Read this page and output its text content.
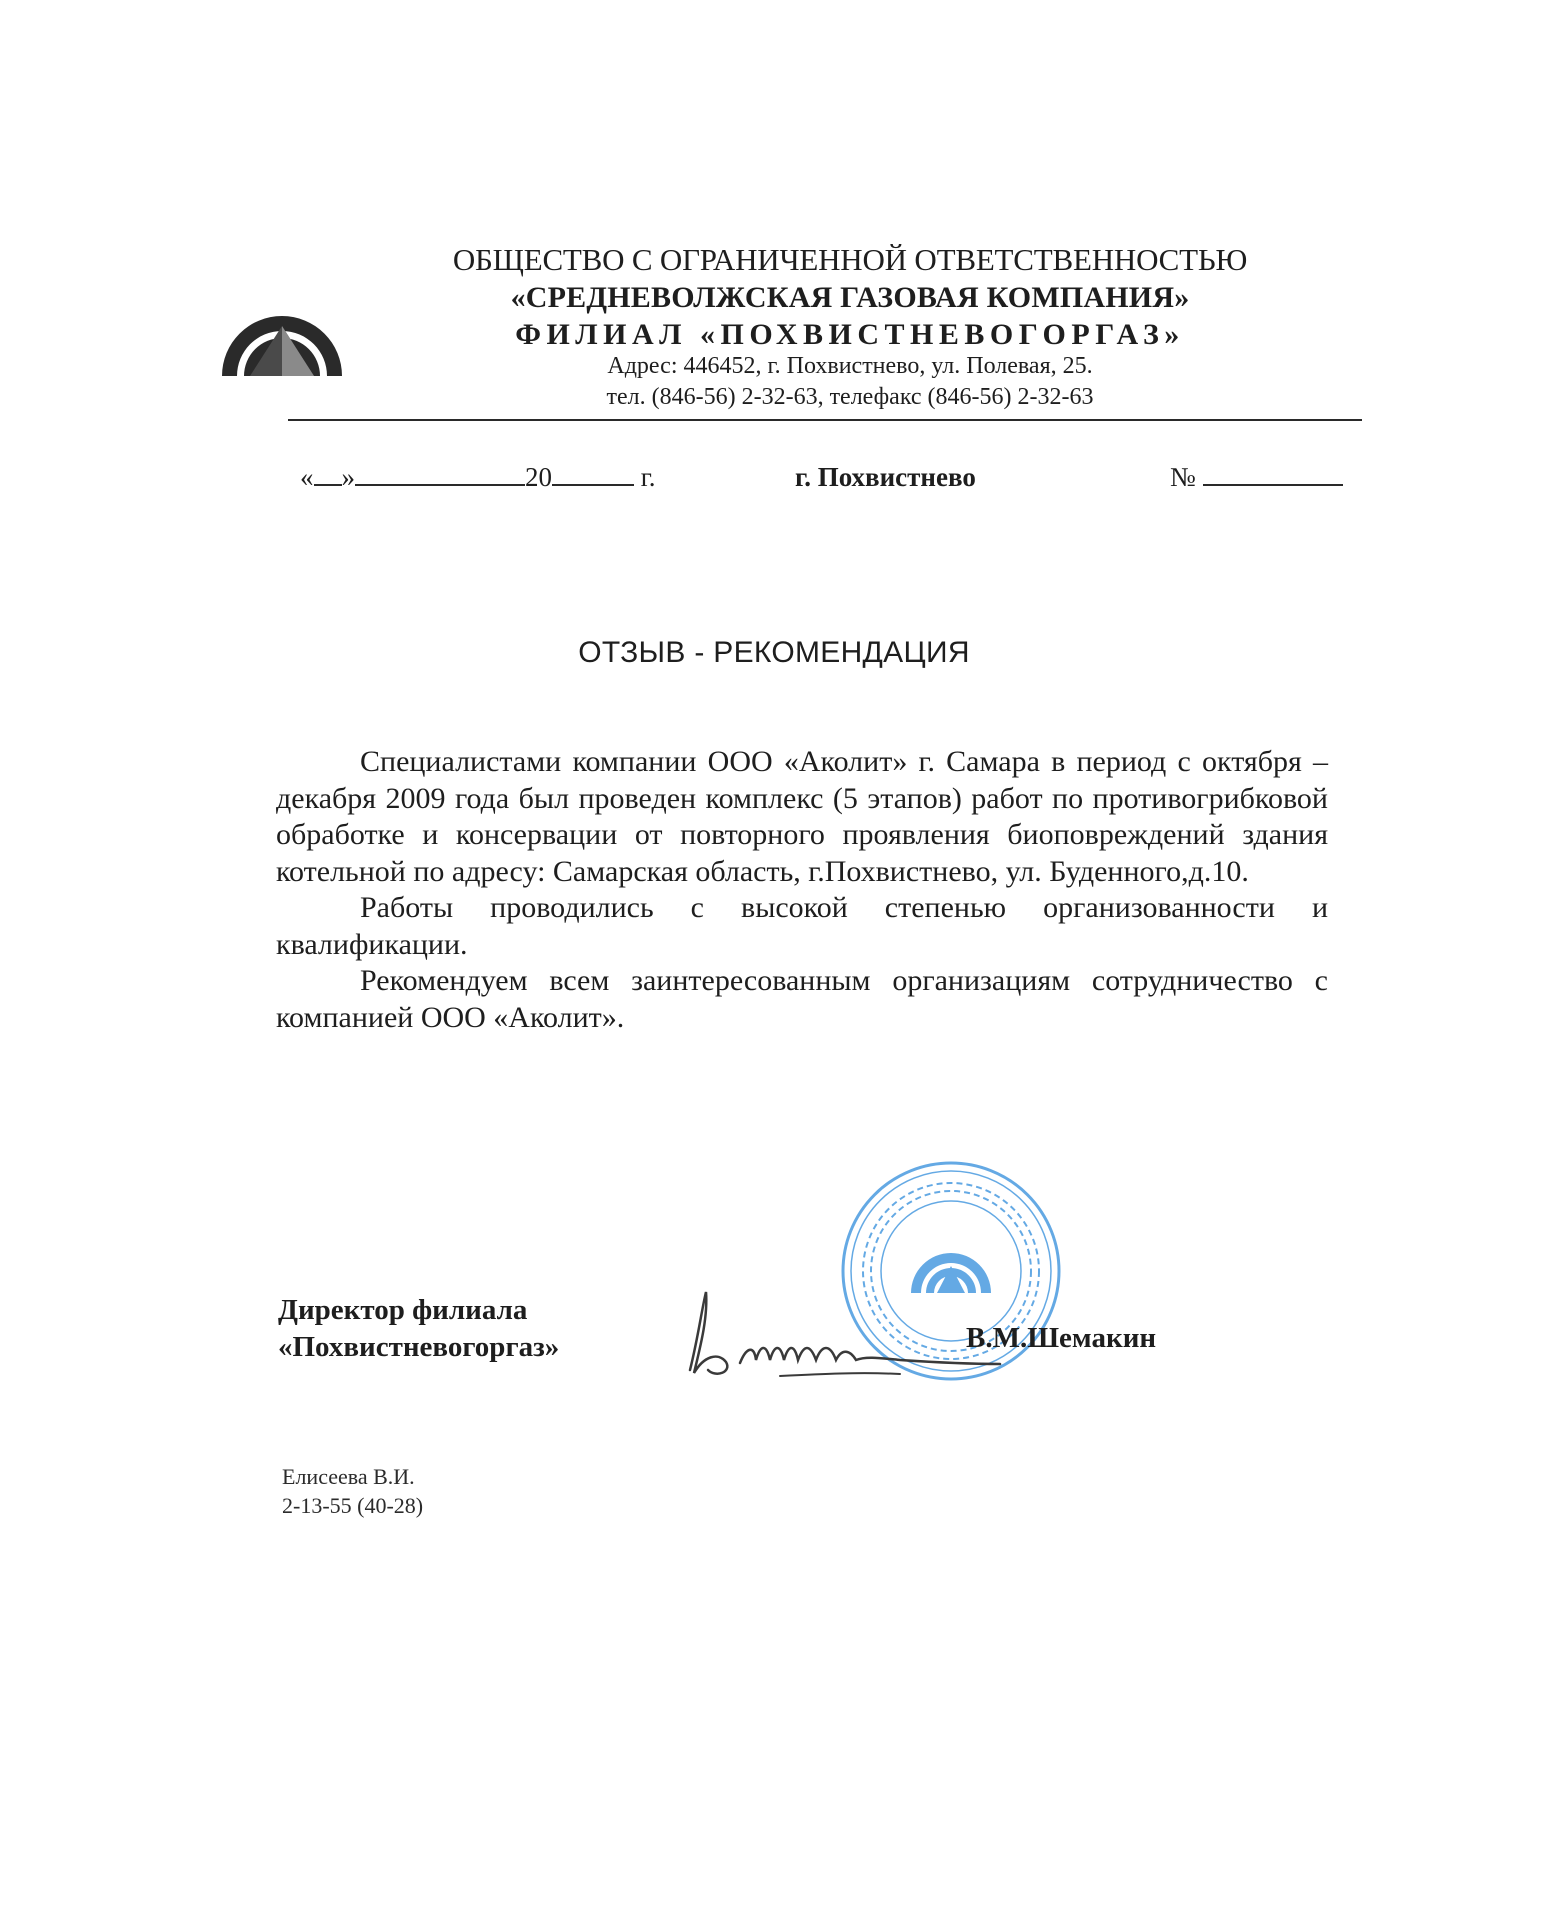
ОБЩЕСТВО С ОГРАНИЧЕННОЙ ОТВЕТСТВЕННОСТЬЮ
«СРЕДНЕВОЛЖСКАЯ ГАЗОВАЯ КОМПАНИЯ»
ФИЛИАЛ «ПОХВИСТНЕВОГОРГАЗ»
Адрес: 446452, г. Похвистнево, ул. Полевая, 25.
тел. (846-56) 2-32-63, телефакс (846-56) 2-32-63
« »	20	г.	г. Похвистнево	№
ОТЗЫВ - РЕКОМЕНДАЦИЯ

Специалистами компании ООО «Аколит» г. Самара в период с октября – декабря 2009 года был проведен комплекс (5 этапов) работ по противогрибковой обработке и консервации от повторного проявления биоповреждений здания котельной по адресу: Самарская область, г.Похвистнево, ул. Буденного,д.10.

Работы проводились с высокой степенью организованности и квалификации.

Рекомендуем всем заинтересованным организациям сотрудничество с компанией ООО «Аколит».

Директор филиала
«Похвистневогоргаз»	В.М.Шемакин
Елисеева В.И.
2-13-55 (40-28)
